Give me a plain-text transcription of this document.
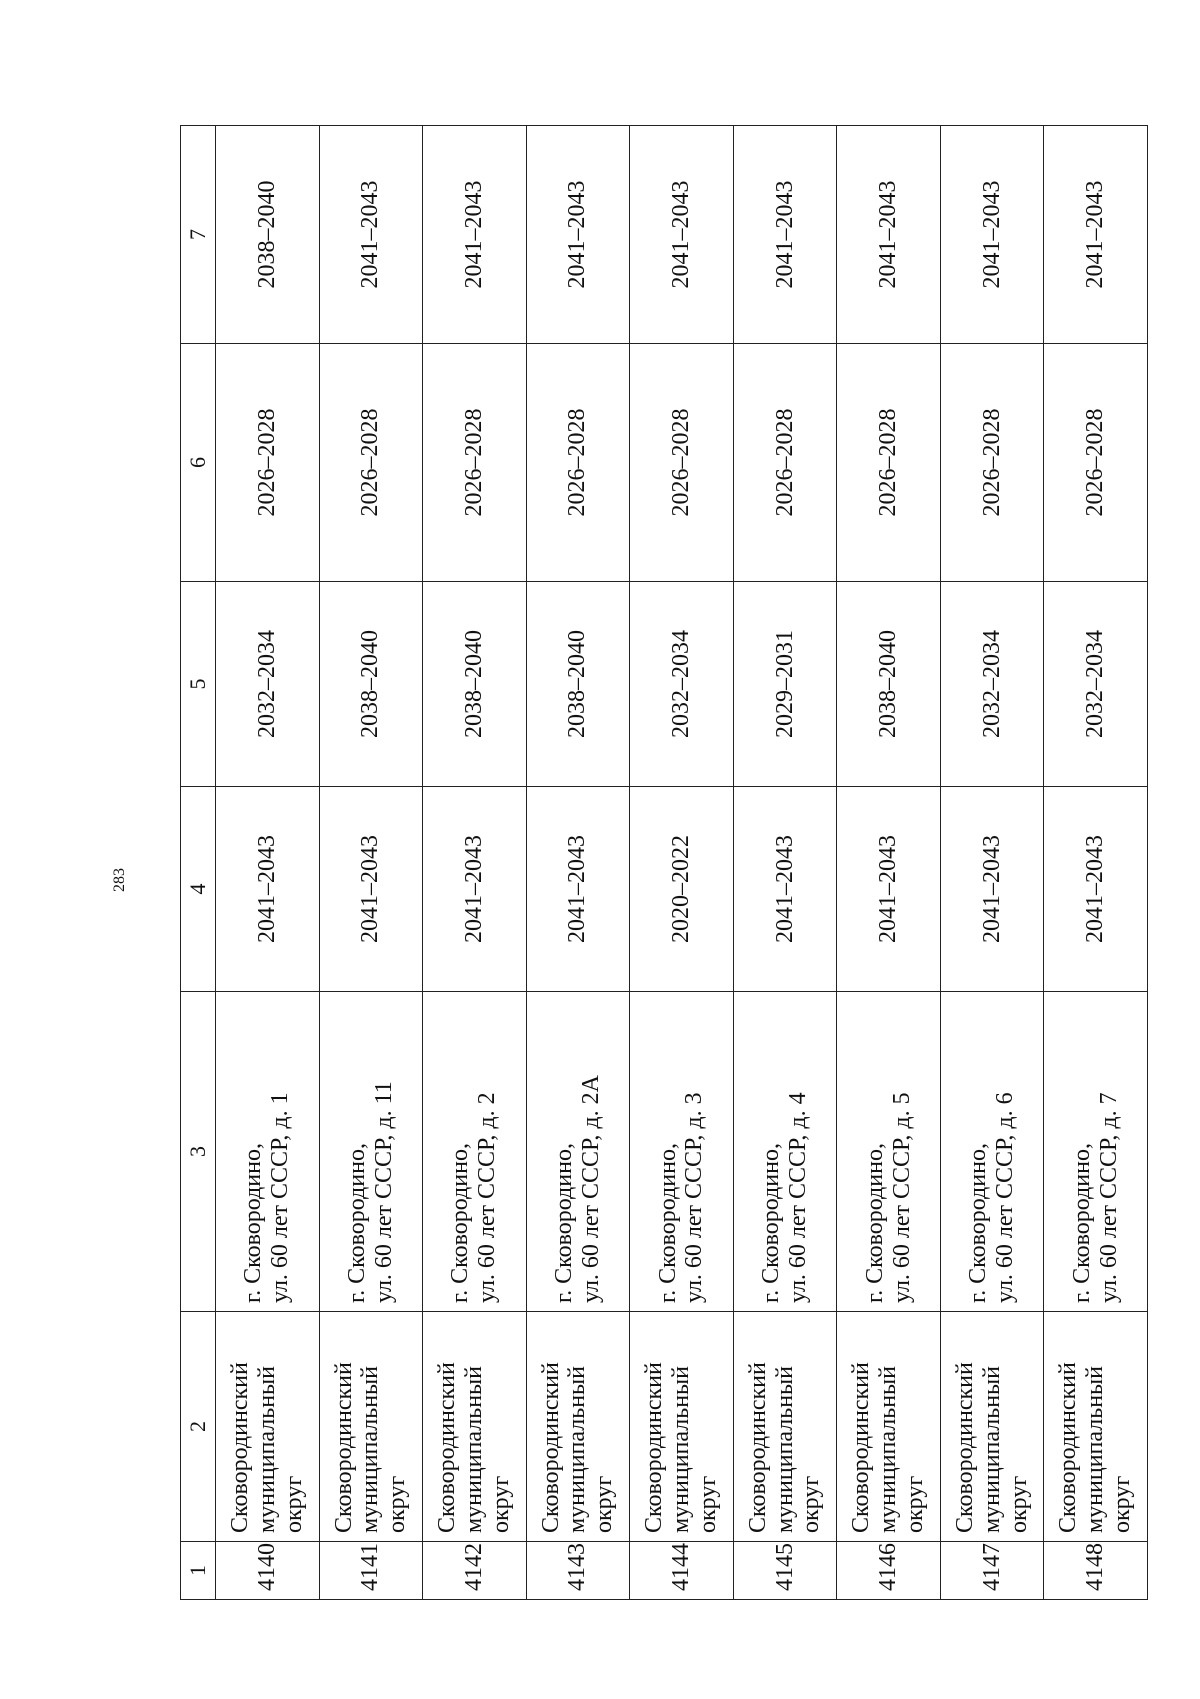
283
1	2	3	4	5	6	7
4140	Сковородинский муниципальный округ	г. Сковородино, ул. 60 лет СССР, д. 1	2041–2043	2032–2034	2026–2028	2038–2040
4141	Сковородинский муниципальный округ	г. Сковородино, ул. 60 лет СССР, д. 11	2041–2043	2038–2040	2026–2028	2041–2043
4142	Сковородинский муниципальный округ	г. Сковородино, ул. 60 лет СССР, д. 2	2041–2043	2038–2040	2026–2028	2041–2043
4143	Сковородинский муниципальный округ	г. Сковородино, ул. 60 лет СССР, д. 2А	2041–2043	2038–2040	2026–2028	2041–2043
4144	Сковородинский муниципальный округ	г. Сковородино, ул. 60 лет СССР, д. 3	2020–2022	2032–2034	2026–2028	2041–2043
4145	Сковородинский муниципальный округ	г. Сковородино, ул. 60 лет СССР, д. 4	2041–2043	2029–2031	2026–2028	2041–2043
4146	Сковородинский муниципальный округ	г. Сковородино, ул. 60 лет СССР, д. 5	2041–2043	2038–2040	2026–2028	2041–2043
4147	Сковородинский муниципальный округ	г. Сковородино, ул. 60 лет СССР, д. 6	2041–2043	2032–2034	2026–2028	2041–2043
4148	Сковородинский муниципальный округ	г. Сковородино, ул. 60 лет СССР, д. 7	2041–2043	2032–2034	2026–2028	2041–2043
